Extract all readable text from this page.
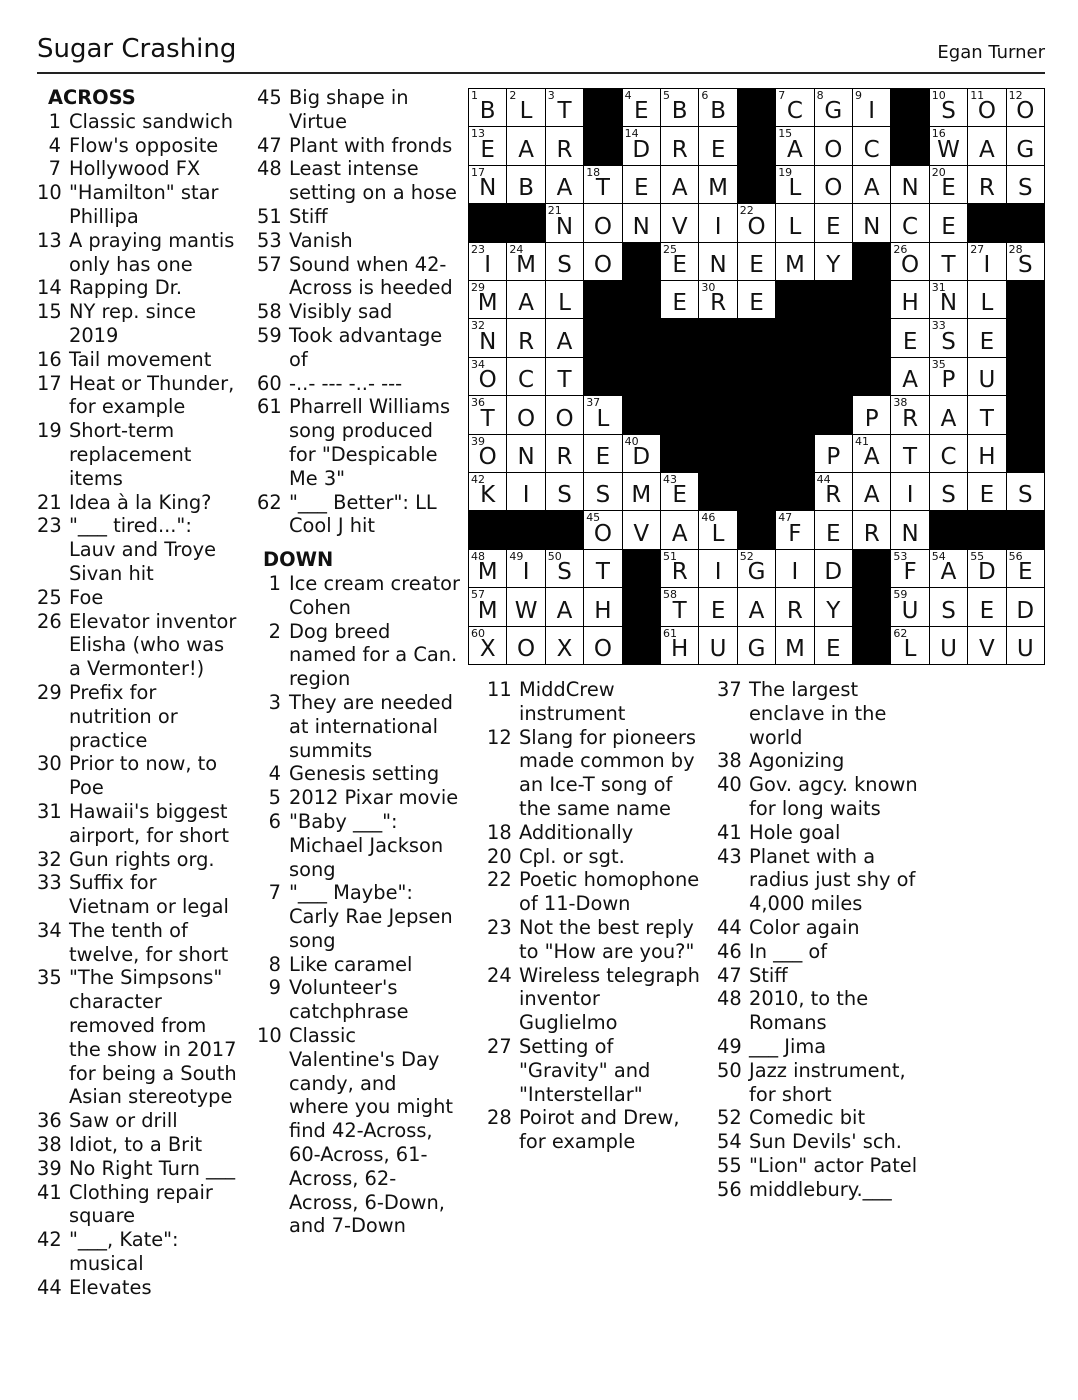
Sugar Crashing	Egan Turner
1
B
2
L
3
T
4
E
5
B
6
B
7
C
8
G
9
I
10
S
11
O
12
O
13
E	A R
14
D R	E
15
A O C
16
W A G
17
N B A
18
T	E	A M
19
L O A N
20
E	R	S
21
N O N V	I
22
O L	E N C	E
23
I
24
M S O
25
E N E M Y
26
O T
27
I
28
S
29
M A	L	E
30
R	E	H
31
N	L
32
N R A	E
33
S	E
34
O C	T	A
35
P	U
36
T O O
37
L	P
38
R A	T
39
O N R	E
40
D	P
41
A	T	C H
42
K	I	S	S M
43
E
44
R A	I	S	E	S
45
O V A
46
L
47
F	E	R N
48
M
49
I
50
S	T
51
R	I
52
G	I	D
53
F
54
A
55
D
56
E
57
M W A H
58
T	E	A R	Y
59
U S	E D
60
X O X O
61
H U G M E
62
L	U V U
ACROSS
1 Classic sandwich
4 Flow's opposite
7 Hollywood FX
10 "Hamilton" star Phillipa
13 A praying mantis only has one
14 Rapping Dr.
15 NY rep. since 2019
16 Tail movement
17 Heat or Thunder, for example
19 Short-term replacement items
21 Idea à la King?
23 "___ tired...": Lauv and Troye Sivan hit
25 Foe
26 Elevator inventor Elisha (who was a Vermonter!)
29 Prefix for nutrition or practice
30 Prior to now, to Poe
31 Hawaii's biggest airport, for short
32 Gun rights org.
33 Suffix for Vietnam or legal
34 The tenth of twelve, for short
35 "The Simpsons" character removed from the show in 2017 for being a South Asian stereotype
36 Saw or drill
38 Idiot, to a Brit
39 No Right Turn ___
41 Clothing repair square
42 "___, Kate": musical
44 Elevates
45 Big shape in Virtue
47 Plant with fronds
48 Least intense setting on a hose
51 Stiff
53 Vanish
57 Sound when 42-Across is heeded
58 Visibly sad
59 Took advantage of
60 -..- --- -..- ---
61 Pharrell Williams song produced for "Despicable Me 3"
62 "___ Better": LL Cool J hit
DOWN
1 Ice cream creator Cohen
2 Dog breed named for a Can. region
3 They are needed at international summits
4 Genesis setting
5 2012 Pixar movie
6 "Baby ___": Michael Jackson song
7 "___ Maybe": Carly Rae Jepsen song
8 Like caramel
9 Volunteer's catchphrase
10 Classic Valentine's Day candy, and where you might find 42-Across, 60-Across, 61-Across, 62-Across, 6-Down, and 7-Down
11 MiddCrew instrument
12 Slang for pioneers made common by an Ice-T song of the same name
18 Additionally
20 Cpl. or sgt.
22 Poetic homophone of 11-Down
23 Not the best reply to "How are you?"
24 Wireless telegraph inventor Guglielmo
27 Setting of "Gravity" and "Interstellar"
28 Poirot and Drew, for example
37 The largest enclave in the world
38 Agonizing
40 Gov. agcy. known for long waits
41 Hole goal
43 Planet with a radius just shy of 4,000 miles
44 Color again
46 In ___ of
47 Stiff
48 2010, to the Romans
49 ___ Jima
50 Jazz instrument, for short
52 Comedic bit
54 Sun Devils' sch.
55 "Lion" actor Patel
56 middlebury.___
